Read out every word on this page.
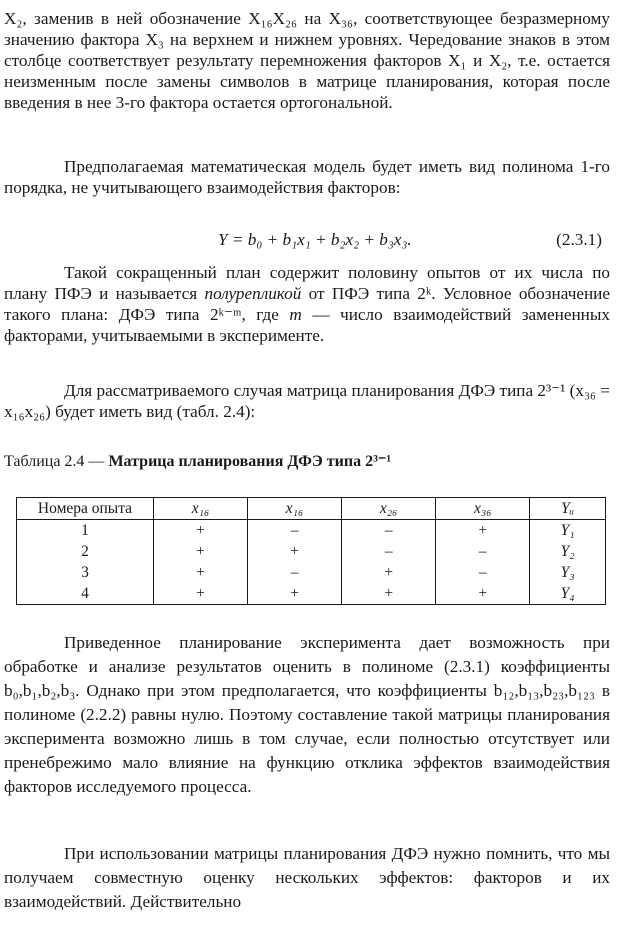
X₂, заменив в ней обозначение X₁₆X₂₆ на X₃₆, соответствующее безразмерному значению фактора X₃ на верхнем и нижнем уровнях. Чередование знаков в этом столбце соответствует результату перемножения факторов X₁ и X₂, т.е. остается неизменным после замены символов в матрице планирования, которая после введения в нее 3-го фактора остается ортогональной.

Предполагаемая математическая модель будет иметь вид полинома 1-го порядка, не учитывающего взаимодействия факторов:

Y = b₀ + b₁x₁ + b₂x₂ + b₃x₃.	(2.3.1)

Такой сокращенный план содержит половину опытов от их числа по плану ПФЭ и называется полурепликой от ПФЭ типа 2ᵏ. Условное обозначение такого плана: ДФЭ типа 2ᵏ⁻ᵐ, где m — число взаимодействий замененных факторами, учитываемыми в эксперименте.

Для рассматриваемого случая матрица планирования ДФЭ типа 2³⁻¹ (x₃₆ = x₁₆x₂₆) будет иметь вид (табл. 2.4):

Таблица 2.4 — Матрица планирования ДФЭ типа 2³⁻¹
Номера опыта	x₁₆	x₁₆	x₂₆	x₃₆	Yᵤ
1	+	–	–	+	Y₁
2	+	+	–	–	Y₂
3	+	–	+	–	Y₃
4	+	+	+	+	Y₄

Приведенное планирование эксперимента дает возможность при обработке и анализе результатов оценить в полиноме (2.3.1) коэффициенты b₀,b₁,b₂,b₃. Однако при этом предполагается, что коэффициенты b₁₂,b₁₃,b₂₃,b₁₂₃ в полиноме (2.2.2) равны нулю. Поэтому составление такой матрицы планирования эксперимента возможно лишь в том случае, если полностью отсутствует или пренебрежимо мало влияние на функцию отклика эффектов взаимодействия факторов исследуемого процесса.

При использовании матрицы планирования ДФЭ нужно помнить, что мы получаем совместную оценку нескольких эффектов: факторов и их взаимодействий. Действительно
